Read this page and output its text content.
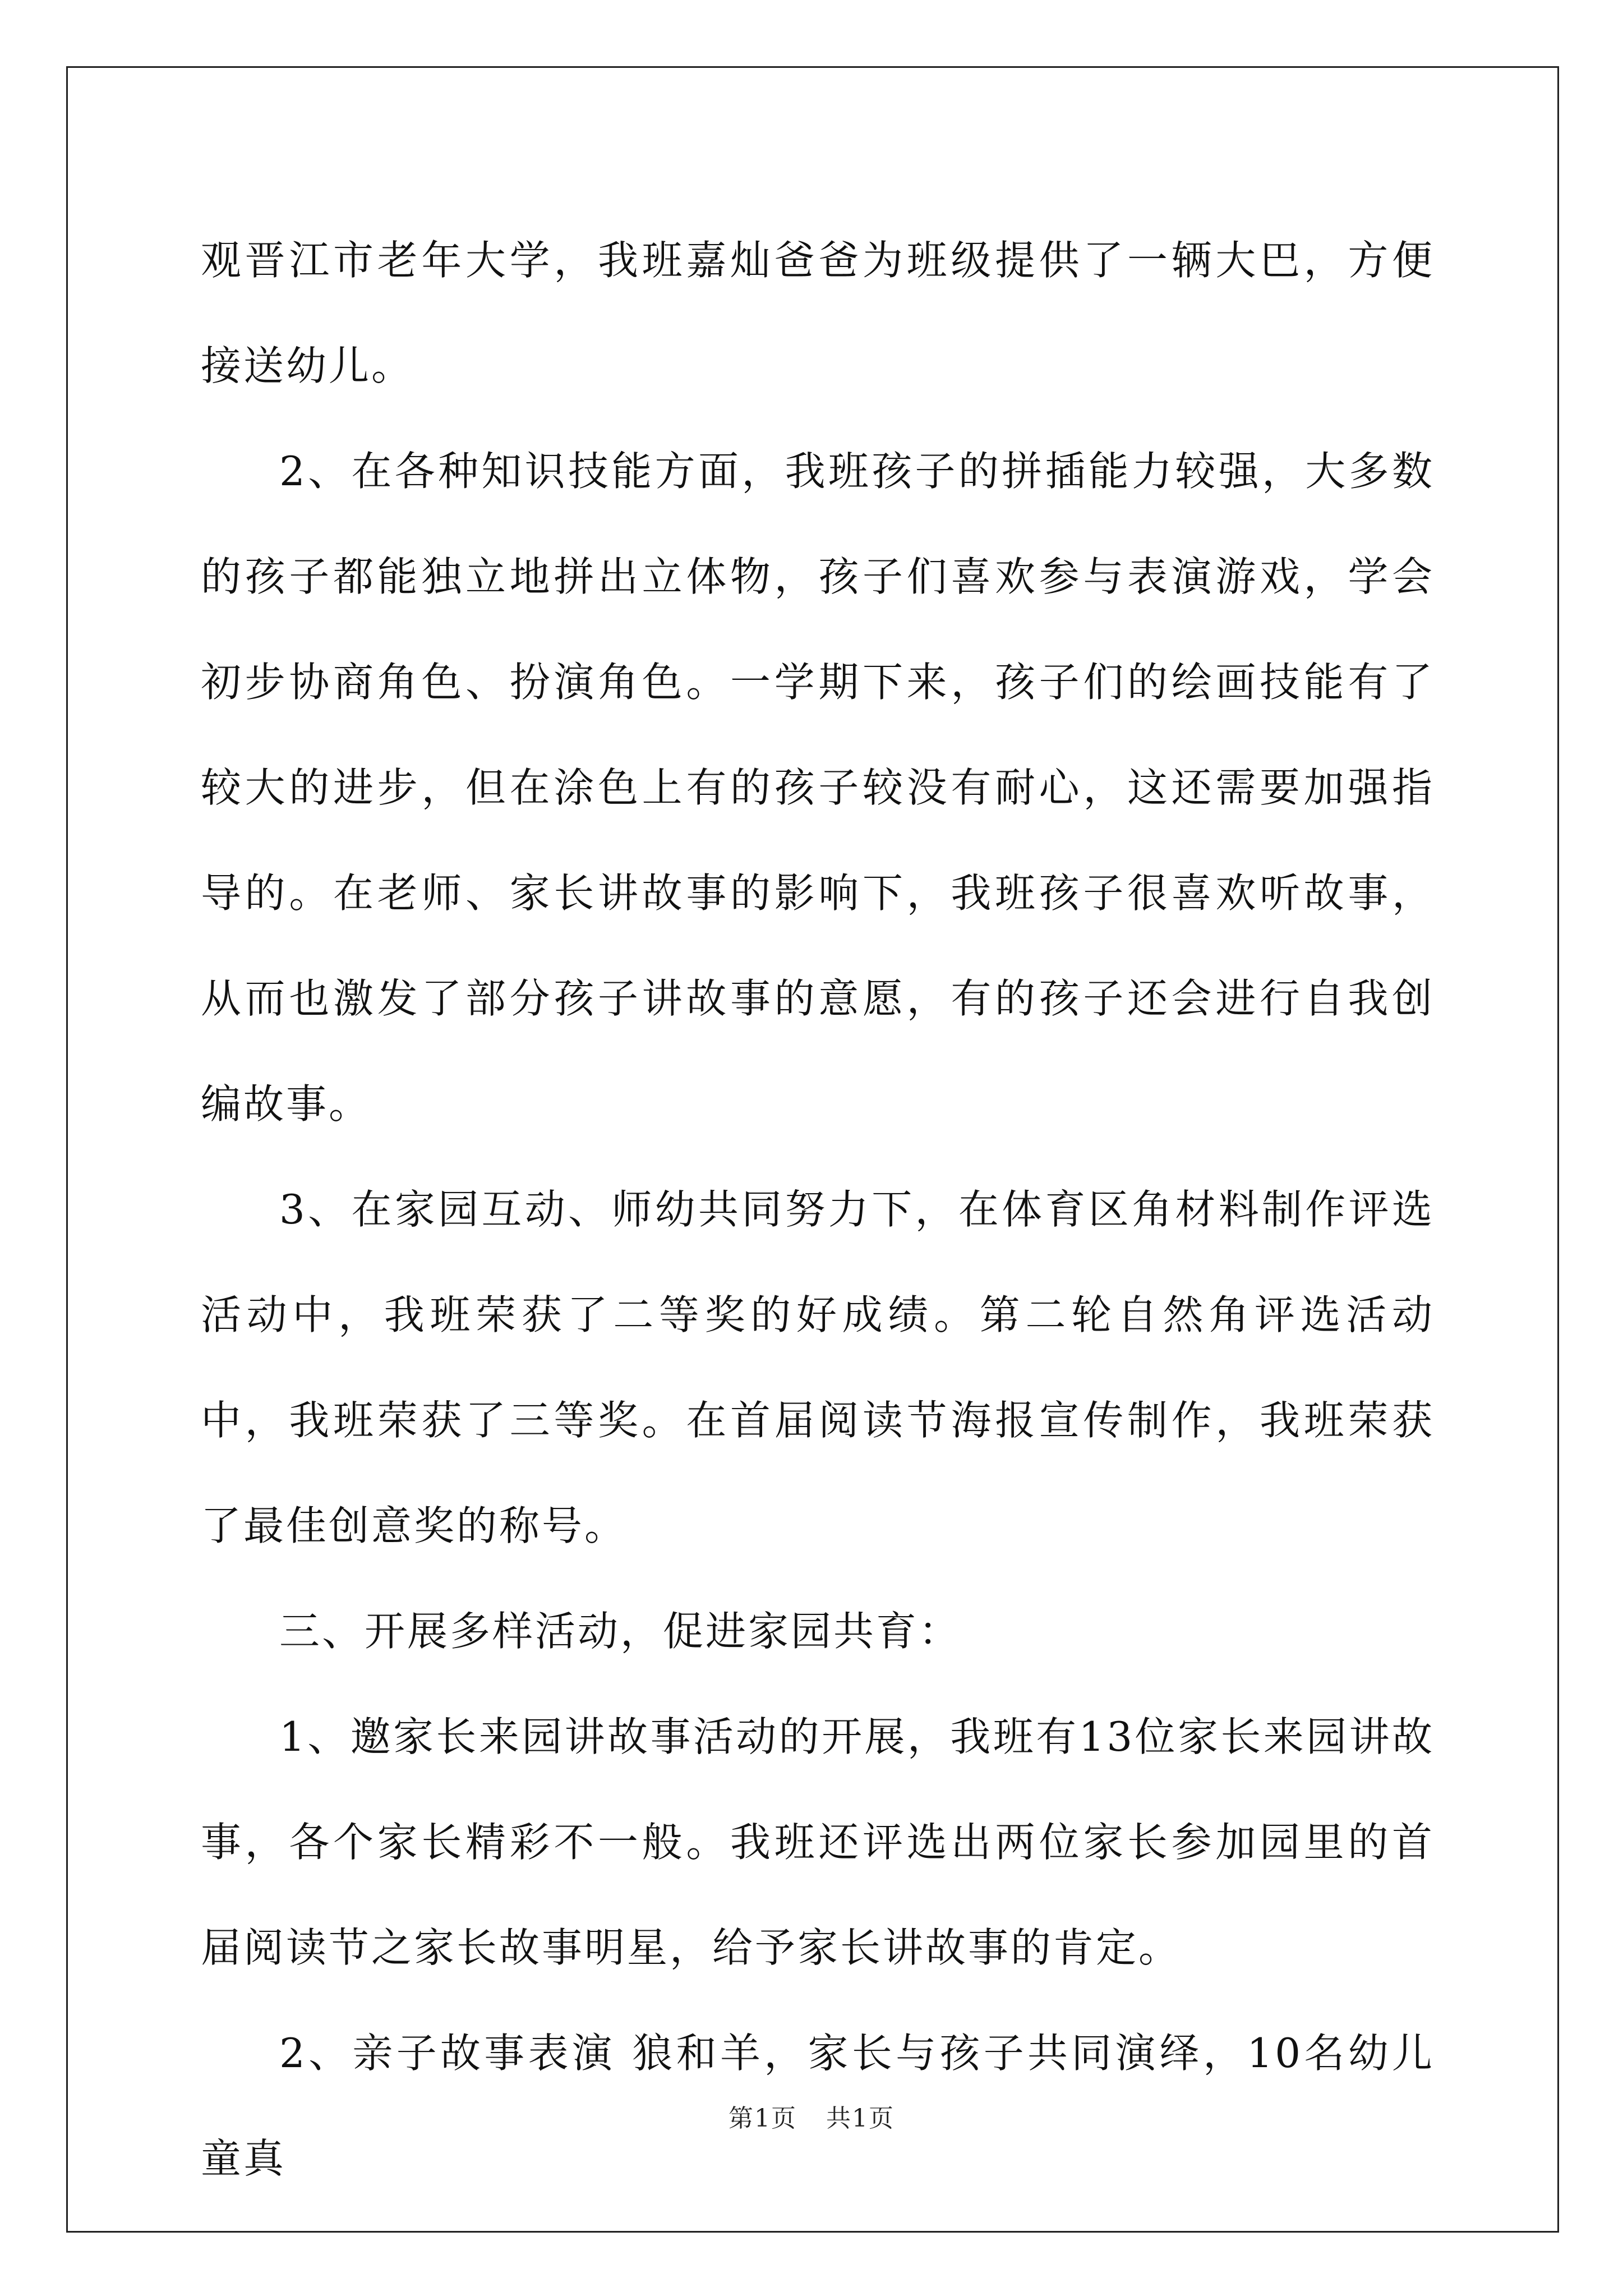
观晋江市老年大学，我班嘉灿爸爸为班级提供了一辆大巴，方便接送幼儿。

2、在各种知识技能方面，我班孩子的拼插能力较强，大多数的孩子都能独立地拼出立体物，孩子们喜欢参与表演游戏，学会初步协商角色、扮演角色。一学期下来，孩子们的绘画技能有了较大的进步，但在涂色上有的孩子较没有耐心，这还需要加强指导的。在老师、家长讲故事的影响下，我班孩子很喜欢听故事，从而也激发了部分孩子讲故事的意愿，有的孩子还会进行自我创编故事。

3、在家园互动、师幼共同努力下，在体育区角材料制作评选活动中，我班荣获了二等奖的好成绩。第二轮自然角评选活动中，我班荣获了三等奖。在首届阅读节海报宣传制作，我班荣获了最佳创意奖的称号。

三、开展多样活动，促进家园共育：

1、邀家长来园讲故事活动的开展，我班有13位家长来园讲故事，各个家长精彩不一般。我班还评选出两位家长参加园里的首届阅读节之家长故事明星，给予家长讲故事的肯定。

2、亲子故事表演 狼和羊，家长与孩子共同演绎，10名幼儿童真

第1页 共1页
